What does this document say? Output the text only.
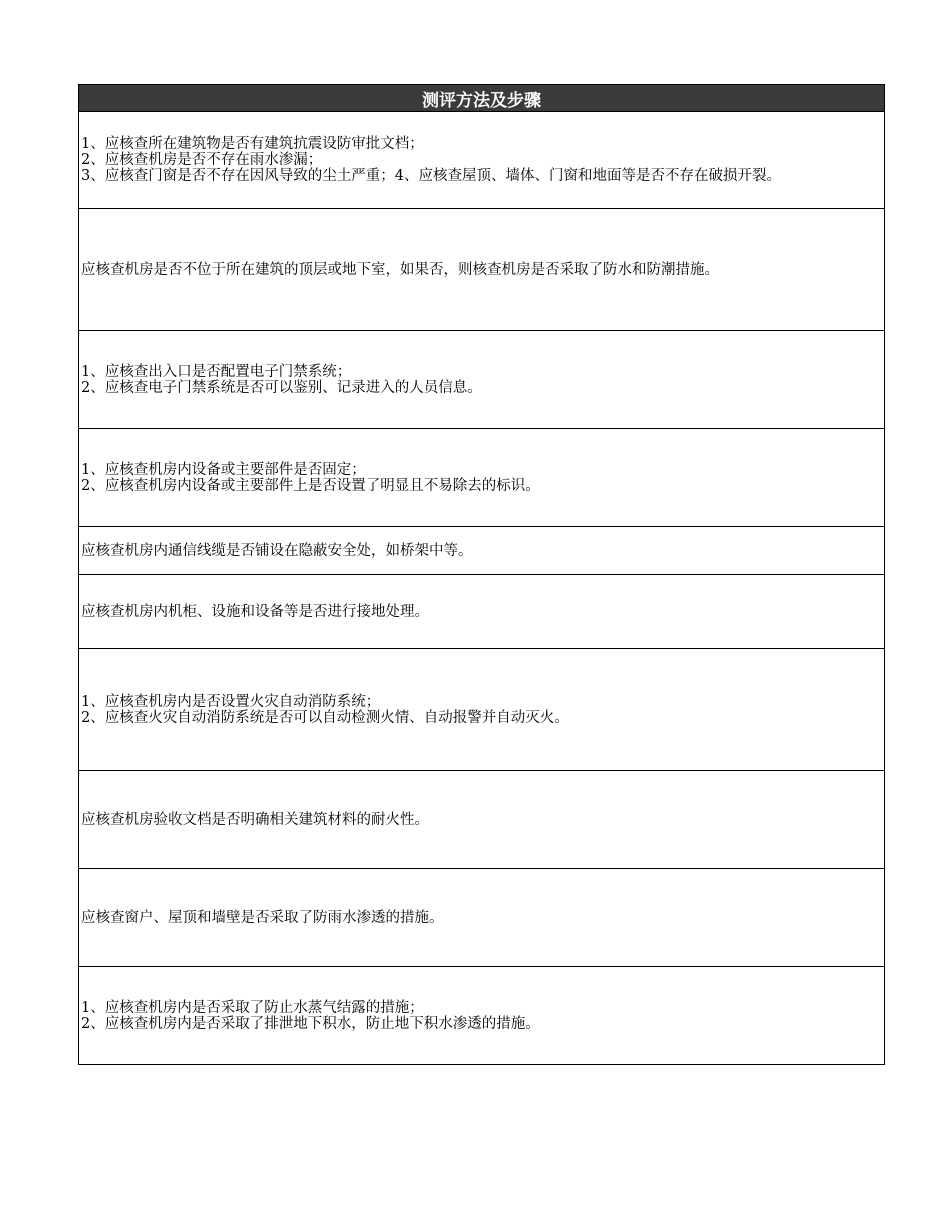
测评方法及步骤

1、应核查所在建筑物是否有建筑抗震设防审批文档；
2、应核查机房是否不存在雨水渗漏；
3、应核查门窗是否不存在因风导致的尘土严重；4、应核查屋顶、墙体、门窗和地面等是否不存在破损开裂。

应核查机房是否不位于所在建筑的顶层或地下室，如果否，则核查机房是否采取了防水和防潮措施。

1、应核查出入口是否配置电子门禁系统；
2、应核查电子门禁系统是否可以鉴别、记录进入的人员信息。

1、应核查机房内设备或主要部件是否固定；
2、应核查机房内设备或主要部件上是否设置了明显且不易除去的标识。

应核查机房内通信线缆是否铺设在隐蔽安全处，如桥架中等。

应核查机房内机柜、设施和设备等是否进行接地处理。

1、应核查机房内是否设置火灾自动消防系统；
2、应核查火灾自动消防系统是否可以自动检测火情、自动报警并自动灭火。

应核查机房验收文档是否明确相关建筑材料的耐火性。

应核查窗户、屋顶和墙壁是否采取了防雨水渗透的措施。

1、应核查机房内是否采取了防止水蒸气结露的措施；
2、应核查机房内是否采取了排泄地下积水，防止地下积水渗透的措施。
